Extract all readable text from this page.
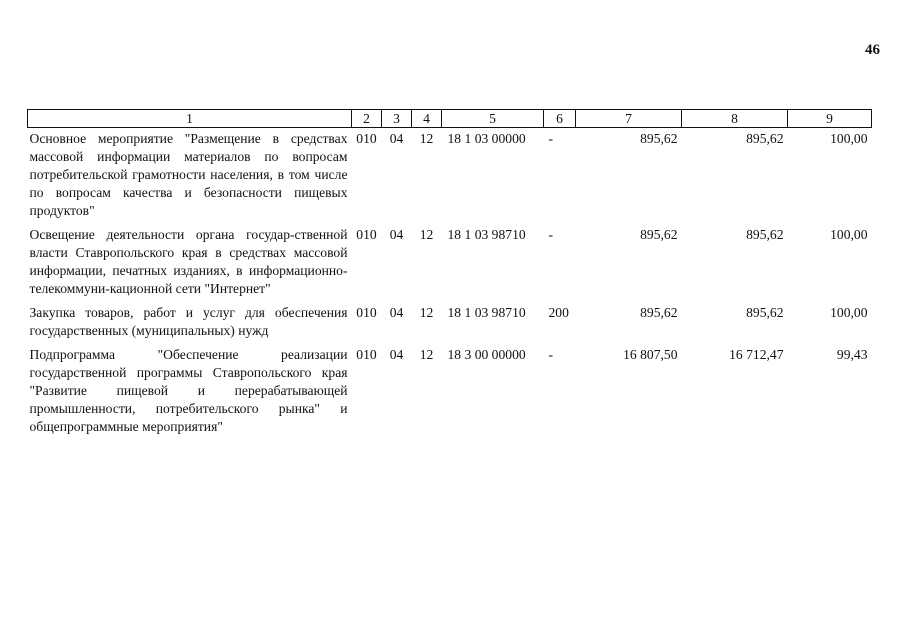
46
1	2	3	4	5	6	7	8	9
Основное мероприятие "Размещение в средствах массовой информации материалов по вопросам потребительской грамотности населения, в том числе по вопросам качества и безопасности пищевых продуктов"	010	04	12	18 1 03 00000	-	895,62	895,62	100,00
Освещение деятельности органа государ-ственной власти Ставропольского края в средствах массовой информации, печатных изданиях, в информационно-телекоммуни-кационной сети "Интернет"	010	04	12	18 1 03 98710	-	895,62	895,62	100,00
Закупка товаров, работ и услуг для обеспечения государственных (муниципальных) нужд	010	04	12	18 1 03 98710	200	895,62	895,62	100,00
Подпрограмма "Обеспечение реализации государственной программы Ставропольского края "Развитие пищевой и перерабатывающей промышленности, потребительского рынка" и общепрограммные мероприятия"	010	04	12	18 3 00 00000	-	16 807,50	16 712,47	99,43
